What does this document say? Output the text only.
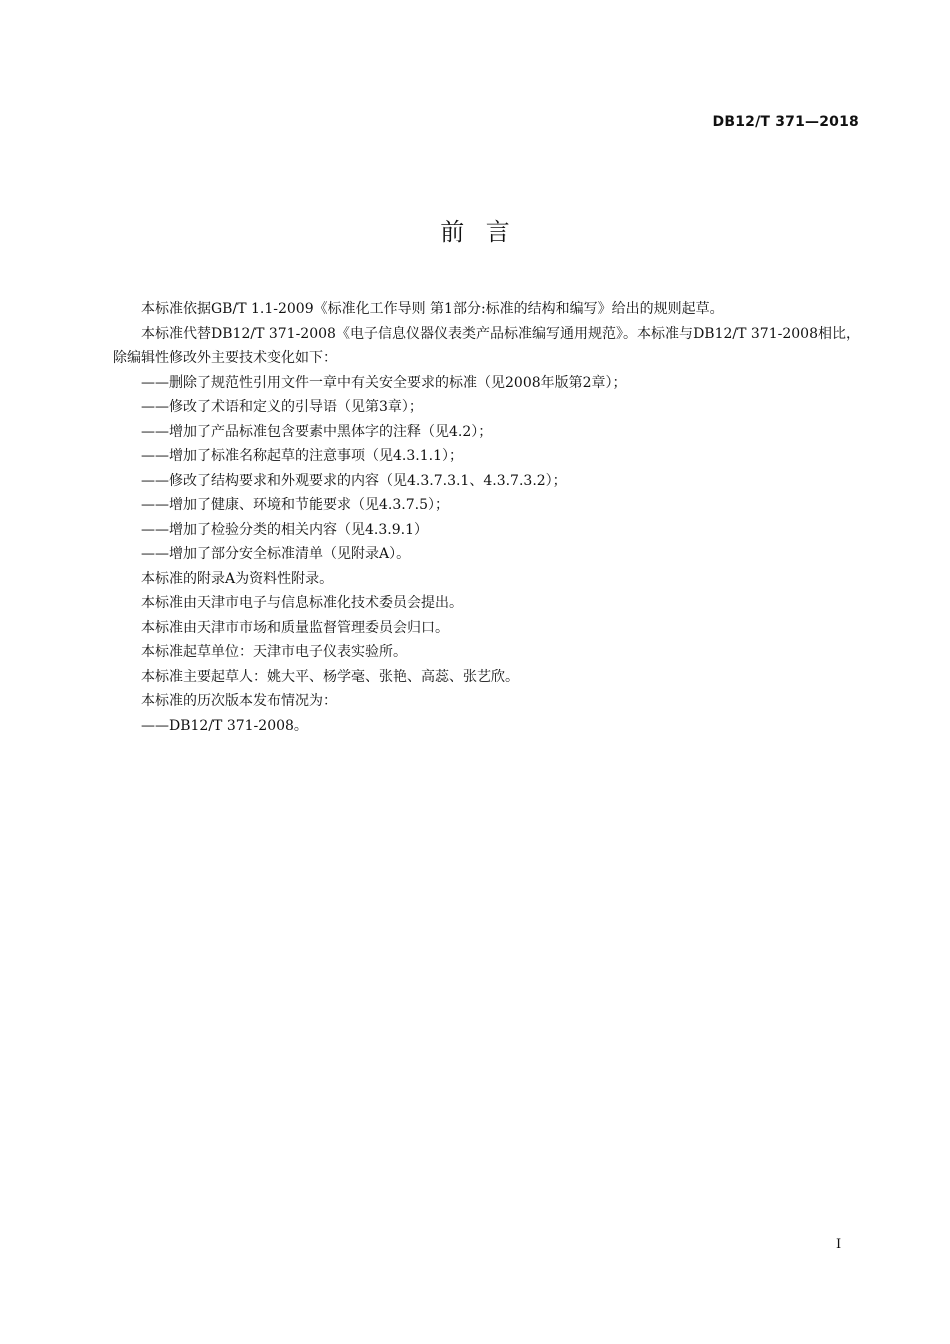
DB12/T 371—2018
前言

本标准依据GB/T 1.1-2009《标准化工作导则 第1部分:标准的结构和编写》给出的规则起草。

本标准代替DB12/T 371-2008《电子信息仪器仪表类产品标准编写通用规范》。本标准与DB12/T 371-2008相比，除编辑性修改外主要技术变化如下：

——删除了规范性引用文件一章中有关安全要求的标准（见2008年版第2章）；

——修改了术语和定义的引导语（见第3章）；

——增加了产品标准包含要素中黑体字的注释（见4.2）；

——增加了标准名称起草的注意事项（见4.3.1.1）；

——修改了结构要求和外观要求的内容（见4.3.7.3.1、4.3.7.3.2）；

——增加了健康、环境和节能要求（见4.3.7.5）；

——增加了检验分类的相关内容（见4.3.9.1）

——增加了部分安全标准清单（见附录A）。

本标准的附录A为资料性附录。

本标准由天津市电子与信息标准化技术委员会提出。

本标准由天津市市场和质量监督管理委员会归口。

本标准起草单位：天津市电子仪表实验所。

本标准主要起草人：姚大平、杨学毫、张艳、高蕊、张艺欣。

本标准的历次版本发布情况为：

——DB12/T 371-2008。

I
